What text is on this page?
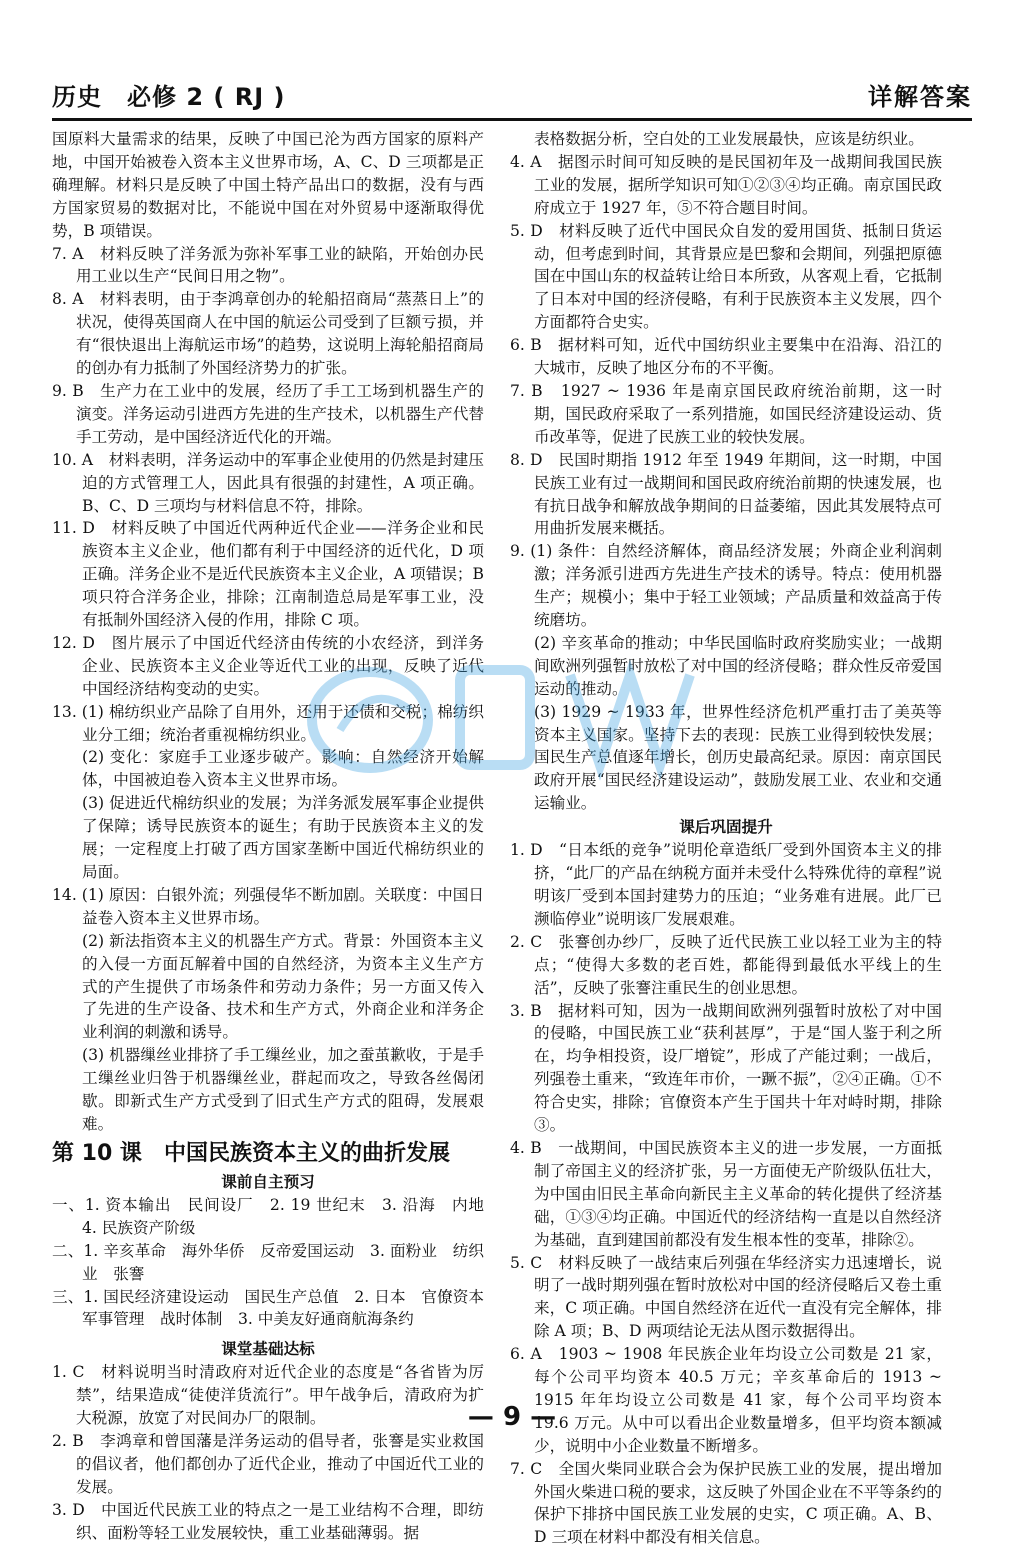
历史　必修 2 ( RJ )	详解答案

国原料大量需求的结果，反映了中国已沦为西方国家的原料产地，中国开始被卷入资本主义世界市场，A、C、D 三项都是正确理解。材料只是反映了中国土特产品出口的数据，没有与西方国家贸易的数据对比，不能说中国在对外贸易中逐渐取得优势，B 项错误。

7. A　材料反映了洋务派为弥补军事工业的缺陷，开始创办民用工业以生产“民间日用之物”。

8. A　材料表明，由于李鸿章创办的轮船招商局“蒸蒸日上”的状况，使得英国商人在中国的航运公司受到了巨额亏损，并有“很快退出上海航运市场”的趋势，这说明上海轮船招商局的创办有力抵制了外国经济势力的扩张。

9. B　生产力在工业中的发展，经历了手工工场到机器生产的演变。洋务运动引进西方先进的生产技术，以机器生产代替手工劳动，是中国经济近代化的开端。

10. A　材料表明，洋务运动中的军事企业使用的仍然是封建压迫的方式管理工人，因此具有很强的封建性，A 项正确。B、C、D 三项均与材料信息不符，排除。

11. D　材料反映了中国近代两种近代企业——洋务企业和民族资本主义企业，他们都有利于中国经济的近代化，D 项正确。洋务企业不是近代民族资本主义企业，A 项错误；B 项只符合洋务企业，排除；江南制造总局是军事工业，没有抵制外国经济入侵的作用，排除 C 项。

12. D　图片展示了中国近代经济由传统的小农经济，到洋务企业、民族资本主义企业等近代工业的出现，反映了近代中国经济结构变动的史实。

13. (1) 棉纺织业产品除了自用外，还用于还债和交税；棉纺织业分工细；统治者重视棉纺织业。

(2) 变化：家庭手工业逐步破产。影响：自然经济开始解体，中国被迫卷入资本主义世界市场。

(3) 促进近代棉纺织业的发展；为洋务派发展军事企业提供了保障；诱导民族资本的诞生；有助于民族资本主义的发展；一定程度上打破了西方国家垄断中国近代棉纺织业的局面。

14. (1) 原因：白银外流；列强侵华不断加剧。关联度：中国日益卷入资本主义世界市场。

(2) 新法指资本主义的机器生产方式。背景：外国资本主义的入侵一方面瓦解着中国的自然经济，为资本主义生产方式的产生提供了市场条件和劳动力条件；另一方面又传入了先进的生产设备、技术和生产方式，外商企业和洋务企业利润的刺激和诱导。

(3) 机器缫丝业排挤了手工缫丝业，加之蚕茧歉收，于是手工缫丝业归咎于机器缫丝业，群起而攻之，导致各丝偈闭歇。即新式生产方式受到了旧式生产方式的阻碍，发展艰难。

第 10 课 中国民族资本主义的曲折发展
课前自主预习

一、1. 资本输出　民间设厂　2. 19 世纪末　3. 沿海　内地　4. 民族资产阶级

二、1. 辛亥革命　海外华侨　反帝爱国运动　3. 面粉业　纺织业　张謇

三、1. 国民经济建设运动　国民生产总值　2. 日本　官僚资本　军事管理　战时体制　3. 中美友好通商航海条约

课堂基础达标

1. C　材料说明当时清政府对近代企业的态度是“各省皆为厉禁”，结果造成“徒使洋货流行”。甲午战争后，清政府为扩大税源，放宽了对民间办厂的限制。

2. B　李鸿章和曾国藩是洋务运动的倡导者，张謇是实业救国的倡议者，他们都创办了近代企业，推动了中国近代工业的发展。

3. D　中国近代民族工业的特点之一是工业结构不合理，即纺织、面粉等轻工业发展较快，重工业基础薄弱。据

表格数据分析，空白处的工业发展最快，应该是纺织业。

4. A　据图示时间可知反映的是民国初年及一战期间我国民族工业的发展，据所学知识可知①②③④均正确。南京国民政府成立于 1927 年，⑤不符合题目时间。

5. D　材料反映了近代中国民众自发的爱用国货、抵制日货运动，但考虑到时间，其背景应是巴黎和会期间，列强把原德国在中国山东的权益转让给日本所致，从客观上看，它抵制了日本对中国的经济侵略，有利于民族资本主义发展，四个方面都符合史实。

6. B　据材料可知，近代中国纺织业主要集中在沿海、沿江的大城市，反映了地区分布的不平衡。

7. B　1927 ~ 1936 年是南京国民政府统治前期，这一时期，国民政府采取了一系列措施，如国民经济建设运动、货币改革等，促进了民族工业的较快发展。

8. D　民国时期指 1912 年至 1949 年期间，这一时期，中国民族工业有过一战期间和国民政府统治前期的快速发展，也有抗日战争和解放战争期间的日益萎缩，因此其发展特点可用曲折发展来概括。

9. (1) 条件：自然经济解体，商品经济发展；外商企业利润刺激；洋务派引进西方先进生产技术的诱导。特点：使用机器生产；规模小；集中于轻工业领域；产品质量和效益高于传统磨坊。

(2) 辛亥革命的推动；中华民国临时政府奖励实业；一战期间欧洲列强暂时放松了对中国的经济侵略；群众性反帝爱国运动的推动。

(3) 1929 ~ 1933 年，世界性经济危机严重打击了美英等资本主义国家。坚持下去的表现：民族工业得到较快发展；国民生产总值逐年增长，创历史最高纪录。原因：南京国民政府开展“国民经济建设运动”，鼓励发展工业、农业和交通运输业。

课后巩固提升

1. D　“日本纸的竞争”说明伦章造纸厂受到外国资本主义的排挤，“此厂的产品在纳税方面并未受什么特殊优待的章程”说明该厂受到本国封建势力的压迫；“业务难有进展。此厂已濒临停业”说明该厂发展艰难。

2. C　张謇创办纱厂，反映了近代民族工业以轻工业为主的特点；“使得大多数的老百姓，都能得到最低水平线上的生活”，反映了张謇注重民生的创业思想。

3. B　据材料可知，因为一战期间欧洲列强暂时放松了对中国的侵略，中国民族工业“获利甚厚”，于是“国人鉴于利之所在，均争相投资，设厂增锭”，形成了产能过剩；一战后，列强卷土重来，“致连年市价，一蹶不振”，②④正确。①不符合史实，排除；官僚资本产生于国共十年对峙时期，排除③。

4. B　一战期间，中国民族资本主义的进一步发展，一方面抵制了帝国主义的经济扩张，另一方面使无产阶级队伍壮大，为中国由旧民主革命向新民主主义革命的转化提供了经济基础，①③④均正确。中国近代的经济结构一直是以自然经济为基础，直到建国前都没有发生根本性的变革，排除②。

5. C　材料反映了一战结束后列强在华经济实力迅速增长，说明了一战时期列强在暂时放松对中国的经济侵略后又卷土重来，C 项正确。中国自然经济在近代一直没有完全解体，排除 A 项；B、D 两项结论无法从图示数据得出。

6. A　1903 ~ 1908 年民族企业年均设立公司数是 21 家，每个公司平均资本 40.5 万元；辛亥革命后的 1913 ~ 1915 年年均设立公司数是 41 家，每个公司平均资本 19.6 万元。从中可以看出企业数量增多，但平均资本额减少，说明中小企业数量不断增多。

7. C　全国火柴同业联合会为保护民族工业的发展，提出增加外国火柴进口税的要求，这反映了外国企业在不平等条约的保护下排挤中国民族工业发展的史实，C 项正确。A、B、D 三项在材料中都没有相关信息。

— 9 —
